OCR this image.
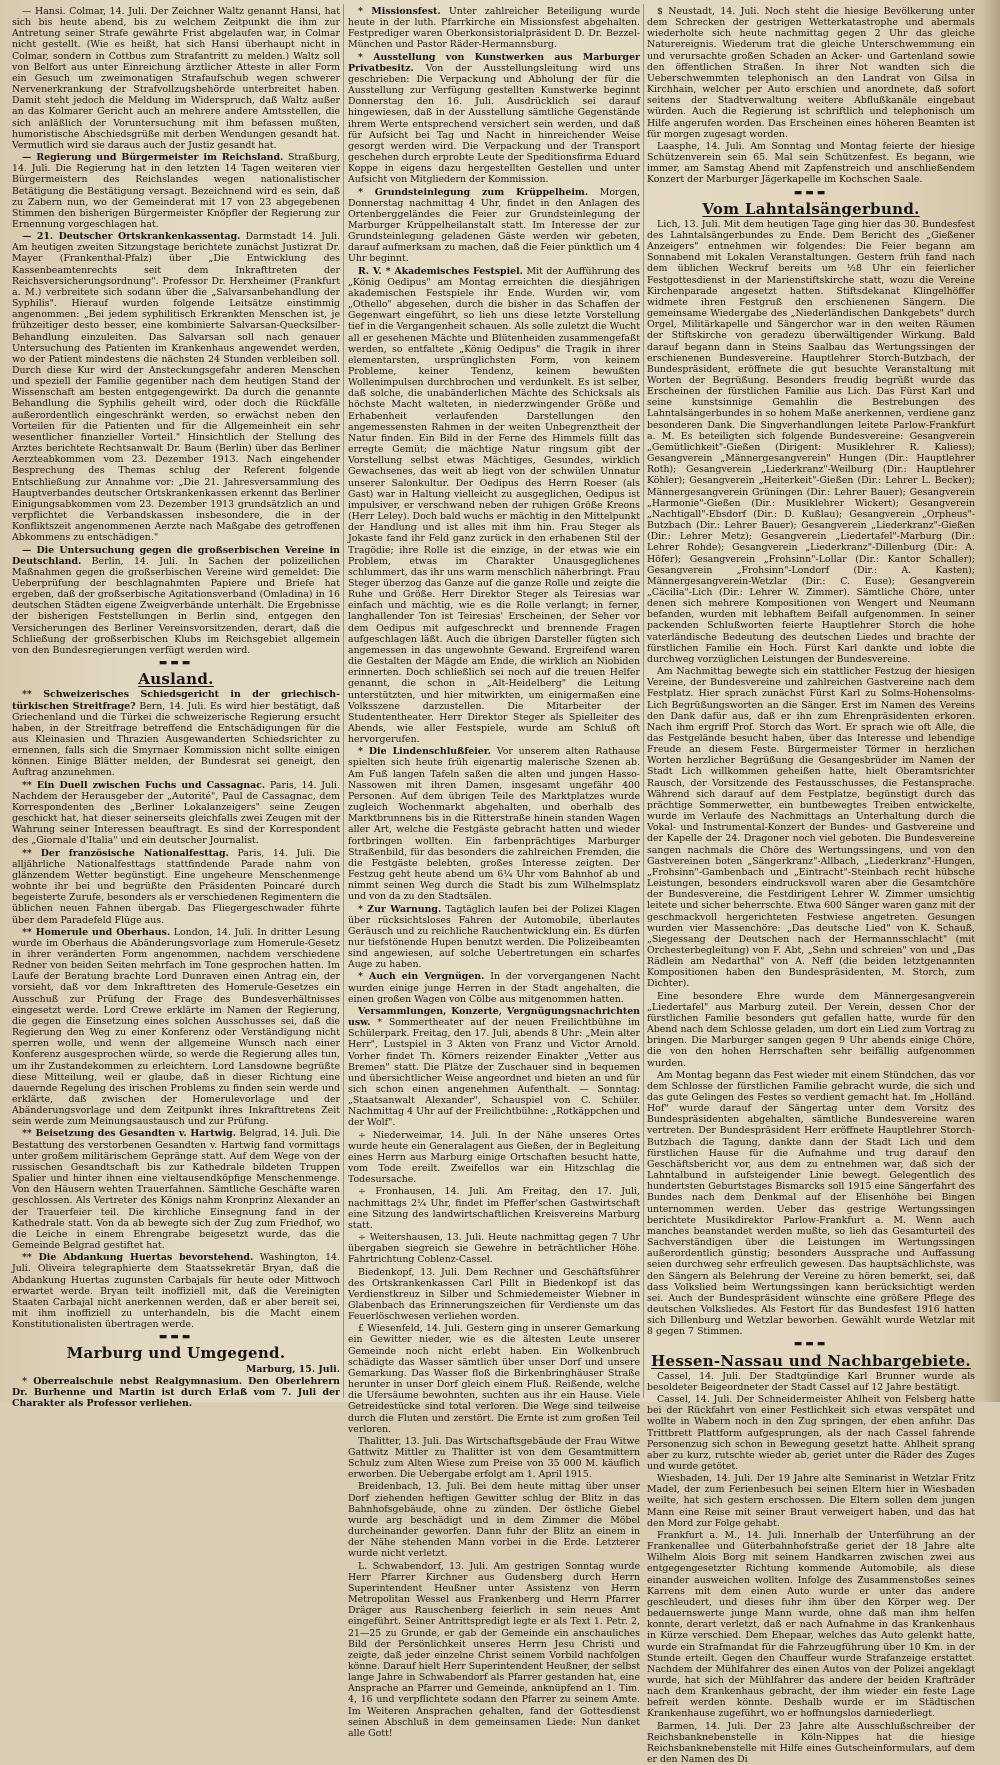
— Hansi. Colmar, 14. Juli. Der Zeichner Waltz genannt Hansi, hat sich bis heute abend, bis zu welchem Zeitpunkt die ihm zur Antretung seiner Strafe gewährte Frist abgelaufen war, in Colmar nicht gestellt. (Wie es heißt, hat sich Hansi überhaupt nicht in Colmar, sondern in Cottbus zum Strafantritt zu melden.) Waltz soll von Belfort aus unter Einreichung ärztlicher Atteste in aller Form ein Gesuch um zweimonatigen Strafaufschub wegen schwerer Nervenerkrankung der Strafvollzugsbehörde unterbreitet haben. Damit steht jedoch die Meldung im Widerspruch, daß Waltz außer an das Kolmarer Gericht auch an mehrere andere Amtsstellen, die sich anläßlich der Voruntersuchung mit ihm befassen mußten, humoristische Abschiedsgrüße mit derben Wendungen gesandt hat. Vermutlich wird sie daraus auch der Justiz gesandt hat.

— Regierung und Bürgermeister im Reichsland. Straßburg, 14. Juli. Die Regierung hat in den letzten 14 Tagen weiteren vier Bürgermeistern des Reichslandes wegen nationalistischer Betätigung die Bestätigung versagt. Bezeichnend wird es sein, daß zu Zabern nun, wo der Gemeinderat mit 17 von 23 abgegebenen Stimmen den bisherigen Bürgermeister Knöpfler der Regierung zur Ernennung vorgeschlagen hat.

— 21. Deutscher Ortskrankenkassentag. Darmstadt 14. Juli. Am heutigen zweiten Sitzungstage berichtete zunächst Justizrat Dr. Mayer (Frankenthal-Pfalz) über „Die Entwicklung des Kassenbeamtenrechts seit dem Inkrafttreten der Reichsversicherungsordnung". Professor Dr. Herxheimer (Frankfurt a. M.) verbreitete sich sodann über die „Salvarsanbehandlung der Syphilis". Hierauf wurden folgende Leitsätze einstimmig angenommen: „Bei jedem syphilitisch Erkrankten Menschen ist, je frühzeitiger desto besser, eine kombinierte Salvarsan-Quecksilber-Behandlung einzuleiten. Das Salvarsan soll nach genauer Untersuchung des Patienten im Krankenhaus angewendet werden, wo der Patient mindestens die nächsten 24 Stunden verbleiben soll. Durch diese Kur wird der Ansteckungsgefahr anderen Menschen und speziell der Familie gegenüber nach dem heutigen Stand der Wissenschaft am besten entgegengewirkt. Da durch die genannte Behandlung die Syphilis geheilt wird, oder doch die Rückfälle außerordentlich eingeschränkt werden, so erwächst neben den Vorteilen für die Patienten und für die Allgemeinheit ein sehr wesentlicher finanzieller Vorteil." Hinsichtlich der Stellung des Arztes berichtete Rechtsanwalt Dr. Baum (Berlin) über das Berliner Aerzteabkommen vom 23. Dezember 1913. Nach eingehender Besprechung des Themas schlug der Referent folgende Entschließung zur Annahme vor: „Die 21. Jahresversammlung des Hauptverbandes deutscher Ortskrankenkassen erkennt das Berliner Einigungsabkommen vom 23. Dezember 1913 grundsätzlich an und verpflichtet die Verbandskassen insbesondere, die in der Konfliktszeit angenommenen Aerzte nach Maßgabe des getroffenen Abkommens zu entschädigen."

— Die Untersuchung gegen die großserbischen Vereine in Deutschland. Berlin, 14. Juli. In Sachen der polizeilichen Maßnahmen gegen die großserbischen Vereine wird gemeldet: Die Ueberprüfung der beschlagnahmten Papiere und Briefe hat ergeben, daß der großserbische Agitationsverband (Omladina) in 16 deutschen Städten eigene Zweigverbände unterhält. Die Ergebnisse der bisherigen Feststellungen in Berlin sind, entgegen den Versicherungen des Berliner Vereinsvorsitzenden, derart, daß die Schließung der großserbischen Klubs im Reichsgebiet allgemein von den Bundesregierungen verfügt werden wird.

▬▬▬
Ausland.

** Schweizerisches Schiedsgericht in der griechisch-türkischen Streitfrage? Bern, 14. Juli. Es wird hier bestätigt, daß Griechenland und die Türkei die schweizerische Regierung ersucht haben, in der Streitfrage betreffend die Entschädigungen für die aus Kleinasien und Thrazien Ausgewanderten Schiedsrichter zu ernennen, falls sich die Smyrnaer Kommission nicht sollte einigen können. Einige Blätter melden, der Bundesrat sei geneigt, den Auftrag anzunehmen.

** Ein Duell zwischen Fuchs und Cassagnac. Paris, 14. Juli. Nachdem der Herausgeber der „Autorité", Paul de Cassagnac, dem Korrespondenten des „Berliner Lokalanzeigers" seine Zeugen geschickt hat, hat dieser seinerseits gleichfalls zwei Zeugen mit der Wahrung seiner Interessen beauftragt. Es sind der Korrespondent des „Giornale d'Italia" und ein deutscher Journalist.

** Der französische Nationalfesttag. Paris, 14. Juli. Die alljährliche Nationalfesttags stattfindende Parade nahm von glänzendem Wetter begünstigt. Eine ungeheure Menschenmenge wohnte ihr bei und begrüßte den Präsidenten Poincaré durch begeisterte Zurufe, besonders als er verschiedenen Regimentern die üblichen neuen Fahnen übergab. Das Fliegergeschwader führte über dem Paradefeld Flüge aus.

** Homerule und Oberhaus. London, 14. Juli. In dritter Lesung wurde im Oberhaus die Abänderungsvorlage zum Homerule-Gesetz in ihrer veränderten Form angenommen, nachdem verschiedene Redner von beiden Seiten mehrfach im Tone gesprochen hatten. Im Laufe der Beratung brachte Lord Dunraven einen Antrag ein, der vorsieht, daß vor dem Inkrafttreten des Homerule-Gesetzes ein Ausschuß zur Prüfung der Frage des Bundesverhältnisses eingesetzt werde. Lord Crewe erklärte im Namen der Regierung, die gegen die Einsetzung eines solchen Ausschusses sei, daß die Regierung den Weg zu einer Konferenz oder Verständigung nicht sperren wolle, und wenn der allgemeine Wunsch nach einer Konferenz ausgesprochen würde, so werde die Regierung alles tun, um ihr Zustandekommen zu erleichtern. Lord Lansdowne begrüßte diese Mitteilung, weil er glaube, daß in dieser Richtung eine dauernde Regelung des irischen Problems zu finden sein werde und erklärte, daß zwischen der Homerulevorlage und der Abänderungsvorlage und dem Zeitpunkt ihres Inkrafttretens Zeit sein werde zum Meinungsaustausch und zur Prüfung.

** Beisetzung des Gesandten v. Hartwig. Belgrad, 14. Juli. Die Bestattung des verstorbenen Gesandten v. Hartwig fand vormittags unter großem militärischem Gepränge statt. Auf dem Wege von der russischen Gesandtschaft bis zur Kathedrale bildeten Truppen Spalier und hinter ihnen eine vieltausendköpfige Menschenmenge. Von den Häusern wehten Trauerfahnen. Sämtliche Geschäfte waren geschlossen. Als Vertreter des Königs nahm Kronprinz Alexander an der Trauerfeier teil. Die kirchliche Einsegnung fand in der Kathedrale statt. Von da ab bewegte sich der Zug zum Friedhof, wo die Leiche in einem Ehrengrabe beigesetzt wurde, das die Gemeinde Belgrad gestiftet hat.

** Die Abdankung Huertas bevorstehend. Washington, 14. Juli. Oliveira telegraphierte dem Staatssekretär Bryan, daß die Abdankung Huertas zugunsten Carbajals für heute oder Mittwoch erwartet werde. Bryan teilt inoffiziell mit, daß die Vereinigten Staaten Carbajal nicht anerkennen werden, daß er aber bereit sei, mit ihm inoffiziell zu unterhandeln, bis die Macht einem Konstitutionalisten übertragen werde.

▬▬▬
Marburg und Umgegend.

Marburg, 15. Juli.

* Oberrealschule nebst Realgymnasium. Den Oberlehrern Dr. Burhenne und Martin ist durch Erlaß vom 7. Juli der Charakter als Professor verliehen.

* Missionsfest. Unter zahlreicher Beteiligung wurde heute in der luth. Pfarrkirche ein Missionsfest abgehalten. Festprediger waren Oberkonsistorialpräsident D. Dr. Bezzel-München und Pastor Räder-Hermannsburg.

* Ausstellung von Kunstwerken aus Marburger Privatbesitz. Von der Ausstellungsleitung wird uns geschrieben: Die Verpackung und Abholung der für die Ausstellung zur Verfügung gestellten Kunstwerke beginnt Donnerstag den 16. Juli. Ausdrücklich sei darauf hingewiesen, daß in der Ausstellung sämtliche Gegenstände ihrem Werte entsprechend versichert sein werden, und daß für Aufsicht bei Tag und Nacht in hinreichender Weise gesorgt werden wird. Die Verpackung und der Transport geschehen durch erprobte Leute der Speditionsfirma Eduard Koppe in eigens dazu hergestellten Gestellen und unter Aufsicht von Mitgliedern der Kommission.

* Grundsteinlegung zum Krüppelheim. Morgen, Donnerstag nachmittag 4 Uhr, findet in den Anlagen des Ortenberggeländes die Feier zur Grundsteinlegung der Marburger Krüppelheilanstalt statt. Im Interesse der zur Grundsteinlegung geladenen Gäste werden wir gebeten, darauf aufmerksam zu machen, daß die Feier pünktlich um 4 Uhr beginnt.

R. V. * Akademisches Festspiel. Mit der Aufführung des „König Oedipus" am Montag erreichten die diesjährigen akademischen Festspiele ihr Ende. Wurden wir, vom „Othello" abgesehen, durch die bisher in das Schaffen der Gegenwart eingeführt, so lieh uns diese letzte Vorstellung tief in die Vergangenheit schauen. Als solle zuletzt die Wucht all er gesehenen Mächte und Blütenheiden zusammengefaßt werden, so entfaltete „König Oedipus" die Tragik in ihrer elementarsten, ursprünglichsten Form, von keinem Probleme, keiner Tendenz, keinem bewußten Wollenimpulsen durchbrochen und verdunkelt. Es ist selber, daß solche, die unabänderlichen Mächte des Schicksals als höchste Macht walteten, in niederzwingender Größe und Erhabenheit verlaufenden Darstellungen den angemessensten Rahmen in der weiten Unbegrenztheit der Natur finden. Ein Bild in der Ferne des Himmels füllt das erregte Gemüt; die mächtige Natur ringsum gibt der Vorstellung selbst etwas Mächtiges, Gesundes, wirklich Gewachsenes, das weit ab liegt von der schwülen Unnatur unserer Salonkultur. Der Oedipus des Herrn Roeser (als Gast) war in Haltung vielleicht zu ausgeglichen, Oedipus ist impulsiver, er verschwand neben der ruhigen Größe Kreons (Herr Leley). Doch bald wuchs er mächtig in den Mittelpunkt der Handlung und ist alles mit ihm hin. Frau Steger als Jokaste fand ihr Feld ganz zurück in den erhabenen Stil der Tragödie; ihre Rolle ist die einzige, in der etwas wie ein Problem, etwas im Charakter Unausgeglichenes schlummert, das ihr uns warm menschlich näherbringt. Frau Steger überzog das Ganze auf die ganze Rolle und zeigte die Ruhe und Größe. Herr Direktor Steger als Teiresias war einfach und mächtig, wie es die Rolle verlangt; in ferner, langhallender Ton ist Teiresias' Erscheinen, der Seher vor dem Oedipus mit aufgeschreckt und brennende Fragen aufgeschlagen läßt. Auch die übrigen Darsteller fügten sich angemessen in das ungewohnte Gewand. Ergreifend waren die Gestalten der Mägde am Ende, die wirklich an Niobiden erinnerten. Doch schließlich sei noch auf die treuen Helfer genannt, die schon in „Alt-Heidelberg" die Leitung unterstützten, und hier mitwirkten, um einigermaßen eine Volksszene darzustellen. Die Mitarbeiter der Studententheater. Herr Direktor Steger als Spielleiter des Abends, wie aller Festspiele, wurde am Schluß oft hervorgerufen.

* Die Lindenschlußfeier. Vor unserem alten Rathause spielten sich heute früh eigenartig malerische Szenen ab. Am Fuß langen Tafeln saßen die alten und jungen Hasso-Nassowen mit ihren Damen, insgesamt ungefähr 400 Personen. Auf dem übrigen Teile des Marktplatzes wurde zugleich Wochenmarkt abgehalten, und oberhalb des Marktbrunnens bis in die Ritterstraße hinein standen Wagen aller Art, welche die Festgäste gebracht hatten und wieder fortbringen wollten. Ein farbenprächtiges Marburger Straßenbild, für das besonders die zahlreichen Fremden, die die Festgäste belebten, großes Interesse zeigten. Der Festzug geht heute abend um 6¼ Uhr vom Bahnhof ab und nimmt seinen Weg durch die Stadt bis zum Wilhelmsplatz und von da zu den Stadtsälen.

* Zur Warnung. Tagtäglich laufen bei der Polizei Klagen über rücksichtsloses Fahren der Automobile, überlautes Geräusch und zu reichliche Rauchentwicklung ein. Es dürfen nur tiefstönende Hupen benutzt werden. Die Polizeibeamten sind angewiesen, auf solche Uebertretungen ein scharfes Auge zu haben.

* Auch ein Vergnügen. In der vorvergangenen Nacht wurden einige junge Herren in der Stadt angehalten, die einen großen Wagen von Cölbe aus mitgenommen hatten.

Versammlungen, Konzerte, Vergnügungsnachrichten usw. * Sommertheater auf der neuen Freilichtbühne im Schülerpark. Freitag, den 17. Juli, abends 8 Uhr: „Mein alter Herr", Lustspiel in 3 Akten von Franz und Victor Arnold. Vorher findet Th. Körners reizender Einakter „Vetter aus Bremen" statt. Die Plätze der Zuschauer sind in bequemen und übersichtlicher Weise angeordnet und bieten an und für sich schon einen angenehmen Aufenthalt. — Sonntag: „Staatsanwalt Alexander", Schauspiel von C. Schüler. Nachmittag 4 Uhr auf der Freilichtbühne: „Rotkäppchen und der Wolf".

÷ Niederweimar, 14. Juli. In der Nähe unseres Ortes wurde heute ein Generalagent aus Gießen, der in Begleitung eines Herrn aus Marburg einige Ortschaften besucht hatte, vom Tode ereilt. Zweifellos war ein Hitzschlag die Todesursache.

÷ Fronhausen, 14. Juli. Am Freitag, den 17. Juli, nachmittags 2¼ Uhr, findet im Pfeffer'schen Gastwirtschaft eine Sitzung des landwirtschaftlichen Kreisvereins Marburg statt.

÷ Weitershausen, 13. Juli. Heute nachmittag gegen 7 Uhr übergaben siegreich sie Gewehre in beträchtlicher Höhe. Fahrtrichtung Coblenz-Cassel.

Biedenkopf, 13. Juli. Dem Rechner und Geschäftsführer des Ortskrankenkassen Carl Pillt in Biedenkopf ist das Verdienstkreuz in Silber und Schmiedemeister Wiebner in Glabenbach das Erinnerungszeichen für Verdienste um das Feuerlöschwesen verliehen worden.

£ Wiesenfeld, 14. Juli. Gestern ging in unserer Gemarkung ein Gewitter nieder, wie es die ältesten Leute unserer Gemeinde noch nicht erlebt haben. Ein Wolkenbruch schädigte das Wasser sämtlich über unser Dorf und unsere Gemarkung. Das Wasser floß die Birkenbringhäuser Straße herunter in unser Dorf gleich einem Fluß. Reißende, welche die Ufersäume bewohnten, suchten aus ihr ein Hause. Viele Getreidestücke sind total verloren. Die Wege sind teilweise durch die Fluten und zerstört. Die Ernte ist zum großen Teil verloren.

Thalitter, 13. Juli. Das Wirtschaftsgebäude der Frau Witwe Gattwitz Mittler zu Thalitter ist von dem Gesamtmittern Schulz zum Alten Wiese zum Preise von 35 000 M. käuflich erworben. Die Uebergabe erfolgt am 1. April 1915.

Breidenbach, 13. Juli. Bei dem heute mittag über unser Dorf ziehenden heftigen Gewitter schlug der Blitz in das Bahnhofsgebäude, ohne zu zünden. Der östliche Giebel wurde arg beschädigt und in dem Zimmer die Möbel durcheinander geworfen. Dann fuhr der Blitz an einem in der Nähe stehenden Mann vorbei in die Erde. Letzterer wurde nicht verletzt.

L. Schwabendorf, 13. Juli. Am gestrigen Sonntag wurde Herr Pfarrer Kirchner aus Gudensberg durch Herrn Superintendent Heußner unter Assistenz von Herrn Metropolitan Wessel aus Frankenberg und Herrn Pfarrer Dräger aus Rauschenberg feierlich in sein neues Amt eingeführt. Seiner Antrittspredigt legte er als Text 1. Petr. 2, 21—25 zu Grunde, er gab der Gemeinde ein anschauliches Bild der Persönlichkeit unseres Herrn Jesu Christi und zeigte, daß jeder einzelne Christ seinem Vorbild nachfolgen könne. Darauf hielt Herr Superintendent Heußner, der selbst lange Jahre in Schwabendorf als Pfarrer gestanden hat, eine Ansprache an Pfarrer und Gemeinde, anknüpfend an 1. Tim. 4, 16 und verpflichtete sodann den Pfarrer zu seinem Amte. Im Weiteren Ansprachen gehalten, fand der Gottesdienst seinen Abschluß in dem gemeinsamen Liede: Nun danket alle Gott!

$ Neustadt, 14. Juli. Noch steht die hiesige Bevölkerung unter dem Schrecken der gestrigen Wetterkatastrophe und abermals wiederholte sich heute nachmittag gegen 2 Uhr das gleiche Naturereignis. Wiederum trat die gleiche Unterschwemmung ein und verursachte großen Schaden an Acker- und Gartenland sowie den öffentlichen Straßen. In ihrer Not wandten sich die Ueberschwemmten telephonisch an den Landrat von Gilsa in Kirchhain, welcher per Auto erschien und anordnete, daß sofort seitens der Stadtverwaltung weitere Abflußkanäle eingebaut würden. Auch die Regierung ist schriftlich und telephonisch um Hilfe angerufen worden. Das Erscheinen eines höheren Beamten ist für morgen zugesagt worden.

Laasphe, 14. Juli. Am Sonntag und Montag feierte der hiesige Schützenverein sein 65. Mal sein Schützenfest. Es begann, wie immer, am Samstag Abend mit Zapfenstreich und anschließendem Konzert der Marburger Jägerkapelle im Kochschen Saale.

▬▬▬
Vom Lahntalsängerbund.

Lich, 13. Juli. Mit dem heutigen Tage ging hier das 30. Bundesfest des Lahntalsängerbundes zu Ende. Dem Bericht des „Gießener Anzeigers" entnehmen wir folgendes: Die Feier begann am Sonnabend mit Lokalen Veranstaltungen. Gestern früh fand nach dem üblichen Weckruf bereits um ½8 Uhr ein feierlicher Festgottesdienst in der Marienstiftskirche statt, wozu die Vereine Kirchenparade angesetzt hatten. Stiftsdekanat Klingelhöffer widmete ihren Festgruß den erschienenen Sängern. Die gemeinsame Wiedergabe des „Niederländischen Dankgebets" durch Orgel, Militärkapelle und Sängerchor war in den weiten Räumen der Stiftskirche von geradezu überwältigender Wirkung. Bald darauf begann dann in Steins Saalbau das Wertungssingen der erschienenen Bundesvereine. Hauptlehrer Storch-Butzbach, der Bundespräsident, eröffnete die gut besuchte Veranstaltung mit Worten der Begrüßung. Besonders freudig begrüßt wurde das Erscheinen der fürstlichen Familie aus Lich. Das Fürst Karl und seine kunstsinnige Gemahlin die Bestrebungen des Lahntalsängerbundes in so hohem Maße anerkennen, verdiene ganz besonderen Dank. Die Singverhandlungen leitete Parlow-Frankfurt a. M. Es beteiligten sich folgende Bundesvereine: Gesangverein „Gemütlichkeit"-Gießen (Dirigent: Musiklehrer R. Kaliess); Gesangverein „Männergesangverein" Hungen (Dir.: Hauptlehrer Roth); Gesangverein „Liederkranz"-Weilburg (Dir.: Hauptlehrer Köhler); Gesangverein „Heiterkeit"-Gießen (Dir.: Lehrer L. Becker); Männergesangverein Grüningen (Dir.: Lehrer Bauer); Gesangverein „Harmonie"-Gießen (Dir.: Musiklehrer Wickert); Gesangverein „Nachtigall"-Ebsdorf (Dir.: D. Kußlau); Gesangverein „Orpheus"-Butzbach (Dir.: Lehrer Bauer); Gesangverein „Liederkranz"-Gießen (Dir.: Lehrer Metz); Gesangverein „Liedertafel"-Marburg (Dir.: Lehrer Rohde); Gesangverein „Liederkranz"-Dillenburg (Dir.: A. Höfer); Gesangverein „Frohsinn"-Lollar (Dir.: Kantor Schaller); Gesangverein „Frohsinn"-Londorf (Dir.: A. Kasten); Männergesangverein-Wetzlar (Dir.: C. Euse); Gesangverein „Cäcilia"-Lich (Dir.: Lehrer W. Zimmer). Sämtliche Chöre, unter denen sich mehrere Kompositionen von Wengert und Neumann befanden, wurden mit lebhaftem Beifall aufgenommen. In seiner packenden Schlußworten feierte Hauptlehrer Storch die hohe vaterländische Bedeutung des deutschen Liedes und brachte der fürstlichen Familie ein Hoch. Fürst Karl dankte und lobte die durchweg vorzüglichen Leistungen der Bundesvereine.

Am Nachmittag bewegte sich ein stattlicher Festzug der hiesigen Vereine, der Bundesvereine und zahlreichen Gastvereine nach dem Festplatz. Hier sprach zunächst Fürst Karl zu Solms-Hohensolms-Lich Begrüßungsworten an die Sänger. Erst im Namen des Vereins den Dank dafür aus, daß er ihn zum Ehrenpräsidenten erkoren. Nach ihm ergriff Prof. Storch das Wort. Er sprach wie oft Alle, die das Festgelände besucht haben, über das Interesse und lebendige Freude an diesem Feste. Bürgermeister Törmer in herzlichen Worten herzlicher Begrüßung die Gesangesbrüder im Namen der Stadt Lich willkommen geheißen hatte, hielt Oberamtsrichter Rausch, der Vorsitzende des Festausschusses, die Festansprache. Während sich darauf auf dem Festplatze, begünstigt durch das prächtige Sommerwetter, ein buntbewegtes Treiben entwickelte, wurde im Verlaufe des Nachmittags an Unterhaltung durch die Vokal- und Instrumental-Konzert der Bundes- und Gastvereine und der Kapelle der 24. Dragoner noch viel geboten. Die Bundesvereine sangen nachmals die Chöre des Wertungssingens, und von den Gastvereinen boten „Sängerkranz"-Allbach, „Liederkranz"-Hungen, „Frohsinn"-Gambenbach und „Eintracht"-Steinbach recht hübsche Leistungen, besonders eindrucksvoll waren aber die Gesamtchöre der Bundesvereine, die Festdirigent Lehrer W. Zimmer umsichtig leitete und sicher beherrschte. Etwa 600 Sänger waren ganz mit der geschmackvoll hergerichteten Festwiese angetreten. Gesungen wurden vier Massenchöre: „Das deutsche Lied" von K. Schauß, „Siegessang der Deutschen nach der Hermannsschlacht" (mit Orchesterbegleitung) von F. Abt, „Sehn und schreien" von und „Das Rädlein am Nedarthal" von A. Neff (die beiden letztgenannten Kompositionen haben den Bundespräsidenten, M. Storch, zum Dichter).

Eine besondere Ehre wurde dem Männergesangverein „Liedertafel" aus Marburg zuteil. Der Verein, dessen Chor der fürstlichen Familie besonders gut gefallen hatte, wurde für den Abend nach dem Schlosse geladen, um dort ein Lied zum Vortrag zu bringen. Die Marburger sangen gegen 9 Uhr abends einige Chöre, die von den hohen Herrschaften sehr beifällig aufgenommen wurden.

Am Montag begann das Fest wieder mit einem Stündchen, das vor dem Schlosse der fürstlichen Familie gebracht wurde, die sich und das gute Gelingen des Festes so verdient gemacht hat. Im „Holländ. Hof" wurde darauf der Sängertag unter dem Vorsitz des Bundespräsidenten abgehalten, sämtliche Bundesvereine waren vertreten. Der Bundespräsident Herr eröffnete Hauptlehrer Storch-Butzbach die Tagung, dankte dann der Stadt Lich und dem fürstlichen Hause für die Aufnahme und trug darauf den Geschäftsbericht vor, aus dem zu entnehmen war, daß sich der Lahntalbund in aufsteigender Linie bewegt. Gelegentlich des hundertsten Geburtstages Bismarcks soll 1915 eine Sängerfahrt des Bundes nach dem Denkmal auf der Elisenhöhe bei Bingen unternommen werden. Ueber das gestrige Wertungssingen berichtete Musikdirektor Parlow-Frankfurt a. M. Wenn auch manches beanstandet werden mußte, so lieh das Gesamturteil des Sachverständigen über die Leistungen im Wertungssingen außerordentlich günstig; besonders Aussprache und Auffassung seien durchweg sehr erfreulich gewesen. Das hauptsächlichste, was den Sängern als Belehrung der Vereine zu hören bemerkt, sei, daß dass Volkslied beim Wertungssingen kann berücksichtigt werden sei. Auch der Bundespräsident wünschte eine größere Pflege des deutschen Volksliedes. Als Festort für das Bundesfest 1916 hatten sich Dillenburg und Wetzlar beworben. Gewählt wurde Wetzlar mit 8 gegen 7 Stimmen.

▬▬▬
Hessen-Nassau und Nachbargebiete.

Cassel, 14. Juli. Der Stadtgündige Karl Brunner wurde als besoldeter Beigeordneter der Stadt Cassel auf 12 Jahre bestätigt.

Cassel, 14. Juli. Der Schneidermeister Ahlheit von Felsberg hatte bei der Rückfahrt von einer Festlichkeit sich etwas verspätet und wollte in Wabern noch in den Zug springen, der eben anfuhr. Das Trittbrett Plattform aufgesprungen, als der nach Cassel fahrende Personenzug sich schon in Bewegung gesetzt hatte. Ahlheit sprang aber zu kurz, rutschte wieder ab, geriet unter die Räder des Zuges und wurde getötet.

Wiesbaden, 14. Juli. Der 19 Jahre alte Seminarist in Wetzlar Fritz Madel, der zum Ferienbesuch bei seinen Eltern hier in Wiesbaden weilte, hat sich gestern erschossen. Die Eltern sollen dem jungen Mann eine Reise mit seiner Braut verweigert haben, und das hat den Mord zur Folge gehabt.

Frankfurt a. M., 14. Juli. Innerhalb der Unterführung an der Frankenallee und Güterbahnhofstraße geriet der 18 Jahre alte Wilhelm Alois Borg mit seinem Handkarren zwischen zwei aus entgegengesetzter Richtung kommende Automobile, als diese einander ausweichen wollten. Infolge des Zusammenstoßes seines Karrens mit dem einen Auto wurde er unter das andere geschleudert, und dieses fuhr ihm über den Körper weg. Der bedauernswerte junge Mann wurde, ohne daß man ihm helfen konnte, derart verletzt, daß er nach Aufnahme in das Krankenhaus in Kürze verschied. Dem Ehepaar, welches das Auto gelenkt hatte, wurde ein Strafmandat für die Fahrzeugführung über 10 Km. in der Stunde erteilt. Gegen den Chauffeur wurde Strafanzeige erstattet. Nachdem der Mühlfahrer des einen Autos von der Polizei angeklagt wurde, hat sich der Mühlfahrer das andere der beiden Krafträder nach dem Krankenhaus gebracht, der ihm wieder ein feste Lage befreit werden könnte. Deshalb wurde er im Städtischen Krankenhause zugeführt, wo er hoffnungslos darniederliegt.

Barmen, 14. Juli. Der 23 Jahre alte Ausschlußschreiber der Reichsbanknebenstelle in Köln-Nippes hat die hiesige Reichsbanknebenstelle mit Hilfe eines Gutscheinformulars, auf dem er den Namen des Di
